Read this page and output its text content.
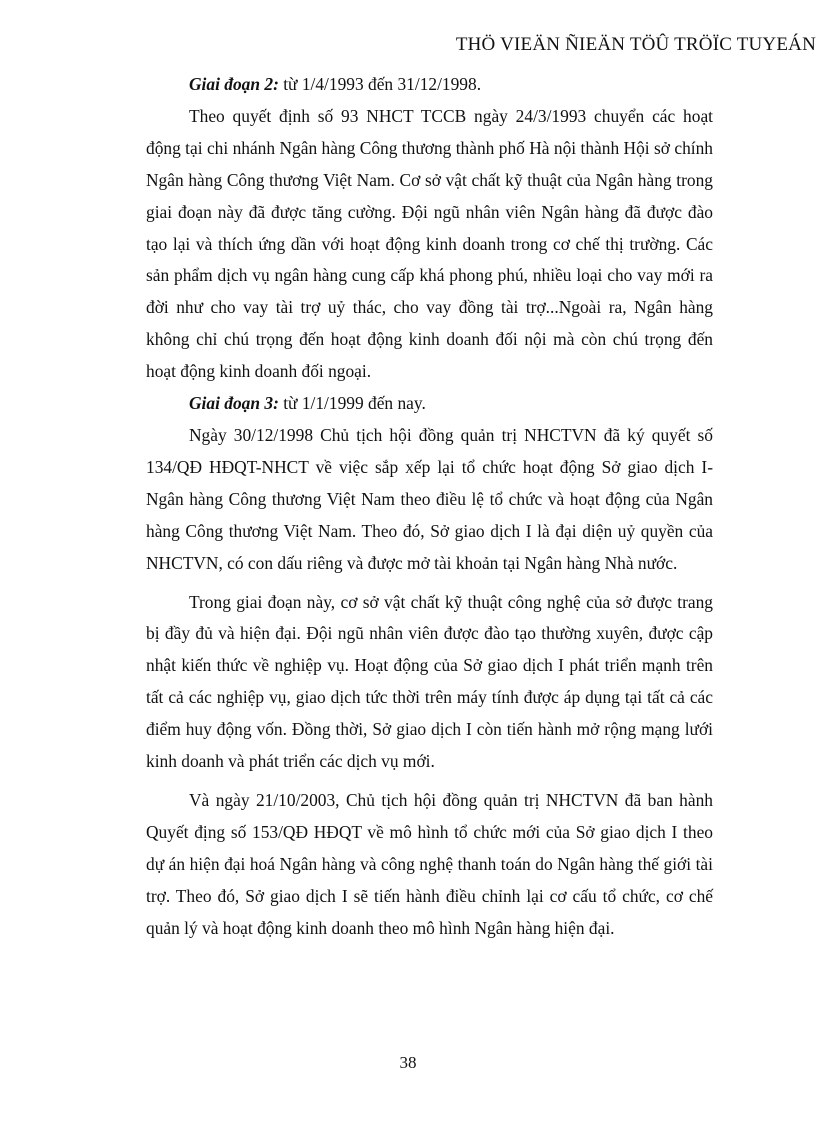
THÖ VIEÄN ÑIEÄN TÖÛ TRÖÏC TUYEÁN

Giai đoạn 2: từ 1/4/1993 đến 31/12/1998.

Theo quyết định số 93 NHCT TCCB ngày 24/3/1993 chuyển các hoạt động tại chi nhánh Ngân hàng Công thương thành phố Hà nội thành Hội sở chính Ngân hàng Công thương Việt Nam. Cơ sở vật chất kỹ thuật của Ngân hàng trong giai đoạn này đã được tăng cường. Đội ngũ nhân viên Ngân hàng đã được đào tạo lại và thích ứng dần với hoạt động kinh doanh trong cơ chế thị trường. Các sản phẩm dịch vụ ngân hàng cung cấp khá phong phú, nhiều loại cho vay mới ra đời như cho vay tài trợ uỷ thác, cho vay đồng tài trợ...Ngoài ra, Ngân hàng không chỉ chú trọng đến hoạt động kinh doanh đối nội mà còn chú trọng đến hoạt động kinh doanh đối ngoại.

Giai đoạn 3: từ 1/1/1999 đến nay.

Ngày 30/12/1998 Chủ tịch hội đồng quản trị NHCTVN đã ký quyết số 134/QĐ HĐQT-NHCT về việc sắp xếp lại tổ chức hoạt động Sở giao dịch I-Ngân hàng Công thương Việt Nam theo điều lệ tổ chức và hoạt động của Ngân hàng Công thương Việt Nam. Theo đó, Sở giao dịch I là đại diện uỷ quyền của NHCTVN, có con dấu riêng và được mở tài khoản tại Ngân hàng Nhà nước.

Trong giai đoạn này, cơ sở vật chất kỹ thuật công nghệ của sở được trang bị đầy đủ và hiện đại. Đội ngũ nhân viên được đào tạo thường xuyên, được cập nhật kiến thức về nghiệp vụ. Hoạt động của Sở giao dịch I phát triển mạnh trên tất cả các nghiệp vụ, giao dịch tức thời trên máy tính được áp dụng tại tất cả các điểm huy động vốn. Đồng thời, Sở giao dịch I còn tiến hành mở rộng mạng lưới kinh doanh và phát triển các dịch vụ mới.

Và ngày 21/10/2003, Chủ tịch hội đồng quản trị NHCTVN đã ban hành Quyết địng số 153/QĐ HĐQT về mô hình tổ chức mới của Sở giao dịch I theo dự án hiện đại hoá Ngân hàng và công nghệ thanh toán do Ngân hàng thế giới tài trợ. Theo đó, Sở giao dịch I sẽ tiến hành điều chỉnh lại cơ cấu tổ chức, cơ chế quản lý và hoạt động kinh doanh theo mô hình Ngân hàng hiện đại.

38
